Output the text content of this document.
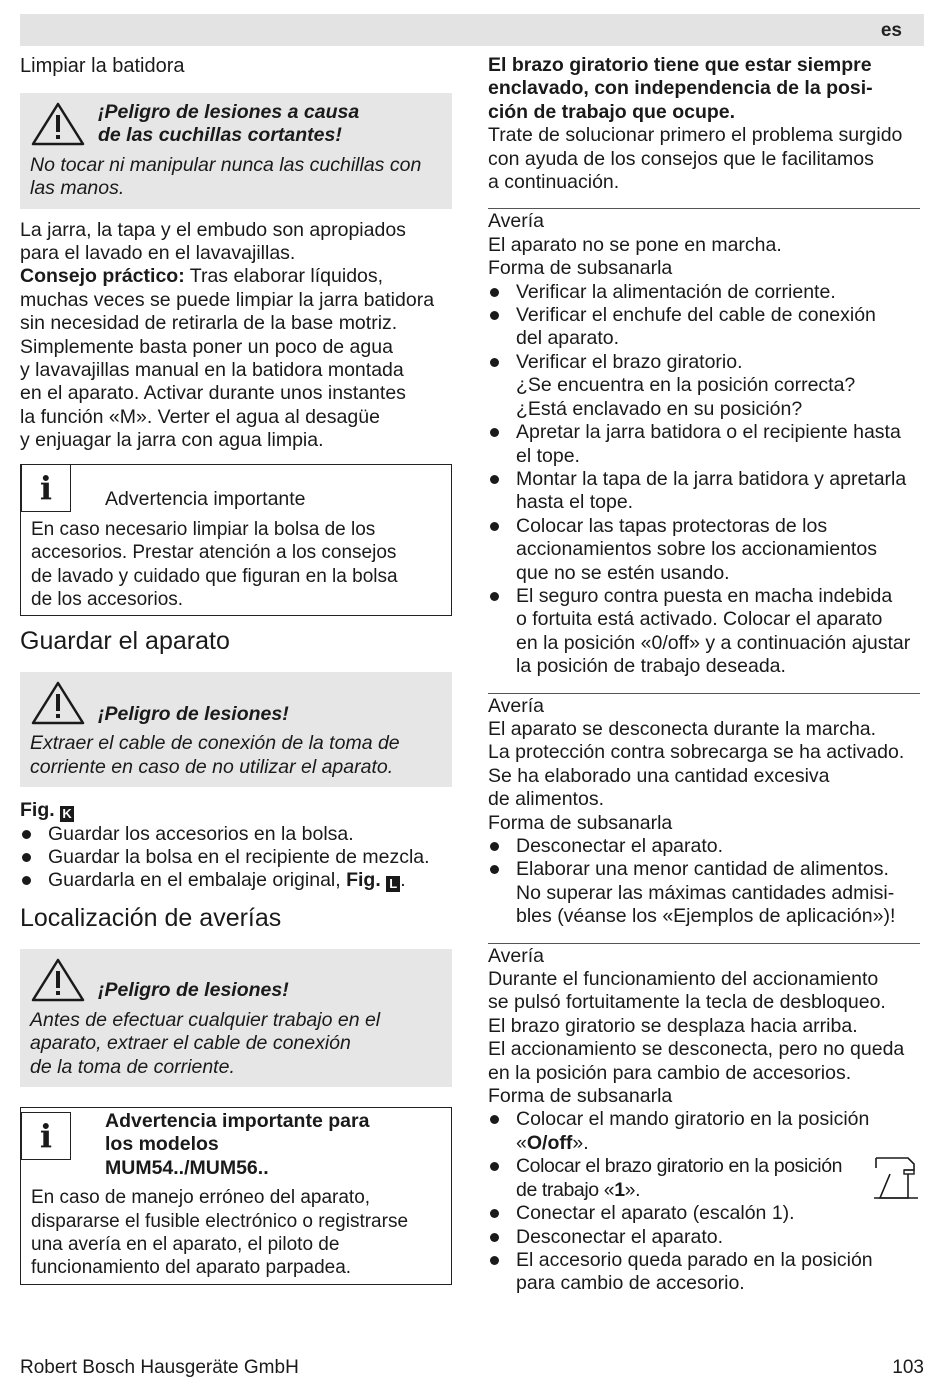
es

Limpiar la batidora

¡Peligro de lesiones a causa
de las cuchillas cortantes!
No tocar ni manipular nunca las cuchillas con
las manos.

La jarra, la tapa y el embudo son apropiados

para el lavado en el lavavajillas.

Consejo práctico: Tras elaborar líquidos,

muchas veces se puede limpiar la jarra batidora

sin necesidad de retirarla de la base motriz.

Simplemente basta poner un poco de agua

y lavavajillas manual en la batidora montada

en el aparato. Activar durante unos instantes

la función «M». Verter el agua al desagüe

y enjuagar la jarra con agua limpia.

i	Advertencia importante
En caso necesario limpiar la bolsa de los
accesorios. Prestar atención a los consejos
de lavado y cuidado que figuran en la bolsa
de los accesorios.
Guardar el aparato
¡Peligro de lesiones!
Extraer el cable de conexión de la toma de
corriente en caso de no utilizar el aparato.

Fig. K

Guardar los accesorios en la bolsa.
Guardar la bolsa en el recipiente de mezcla.
Guardarla en el embalaje original, Fig. L .
Localización de averías
¡Peligro de lesiones!
Antes de efectuar cualquier trabajo en el
aparato, extraer el cable de conexión
de la toma de corriente.
i	Advertencia importante para
los modelos
MUM54../MUM56..
En caso de manejo erróneo del aparato,
dispararse el fusible electrónico o registrarse
una avería en el aparato, el piloto de
funcionamiento del aparato parpadea.

El brazo giratorio tiene que estar siempre

enclavado, con independencia de la posi-

ción de trabajo que ocupe.

Trate de solucionar primero el problema surgido

con ayuda de los consejos que le facilitamos

a continuación.

Avería

El aparato no se pone en marcha.

Forma de subsanarla

Verificar la alimentación de corriente.
Verificar el enchufe del cable de conexión
del aparato.
Verificar el brazo giratorio.
¿Se encuentra en la posición correcta?
¿Está enclavado en su posición?
Apretar la jarra batidora o el recipiente hasta
el tope.
Montar la tapa de la jarra batidora y apretarla
hasta el tope.
Colocar las tapas protectoras de los
accionamientos sobre los accionamientos
que no se estén usando.
El seguro contra puesta en macha indebida
o fortuita está activado. Colocar el aparato
en la posición «0/off» y a continuación ajustar
la posición de trabajo deseada.

Avería

El aparato se desconecta durante la marcha.

La protección contra sobrecarga se ha activado.

Se ha elaborado una cantidad excesiva

de alimentos.

Forma de subsanarla

Desconectar el aparato.
Elaborar una menor cantidad de alimentos.
No superar las máximas cantidades admisi-
bles (véanse los «Ejemplos de aplicación»)!

Avería

Durante el funcionamiento del accionamiento

se pulsó fortuitamente la tecla de desbloqueo.

El brazo giratorio se desplaza hacia arriba.

El accionamiento se desconecta, pero no queda

en la posición para cambio de accesorios.

Forma de subsanarla

Colocar el mando giratorio en la posición
«O/off».
Colocar el brazo giratorio en la posición
de trabajo «1».
Conectar el aparato (escalón 1).
Desconectar el aparato.
El accesorio queda parado en la posición
para cambio de accesorio.
Robert Bosch Hausgeräte GmbH	103
